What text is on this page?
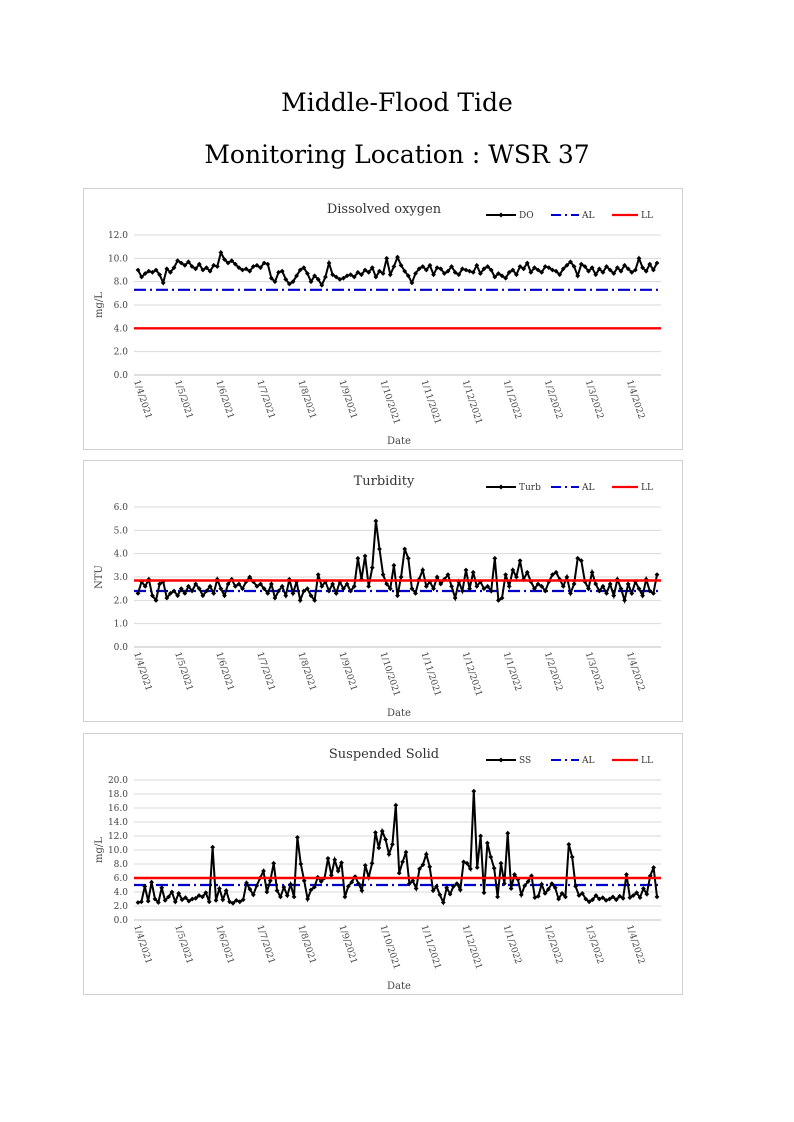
Middle-Flood Tide
Monitoring Location : WSR 37
Dissolved oxygen
0.0
2.0
4.0
6.0
8.0
10.0
12.0
mg/L
1/4/2021 1/5/2021 1/6/2021 1/7/2021 1/8/2021 1/9/2021 1/10/2021 1/11/2021 1/12/2021 1/1/2022 1/2/2022 1/3/2022 1/4/2022
Date
DO	AL	LL
Turbidity
0.0
1.0
2.0
3.0
4.0
5.0
6.0
NTU
1/4/2021 1/5/2021 1/6/2021 1/7/2021 1/8/2021 1/9/2021 1/10/2021 1/11/2021 1/12/2021 1/1/2022 1/2/2022 1/3/2022 1/4/2022
Date
Turb	AL	LL
Suspended Solid
0.0
2.0
4.0
6.0
8.0
10.0
12.0
14.0
16.0
18.0
20.0
mg/L
1/4/2021 1/5/2021 1/6/2021 1/7/2021 1/8/2021 1/9/2021 1/10/2021 1/11/2021 1/12/2021 1/1/2022 1/2/2022 1/3/2022 1/4/2022
Date
SS	AL	LL
